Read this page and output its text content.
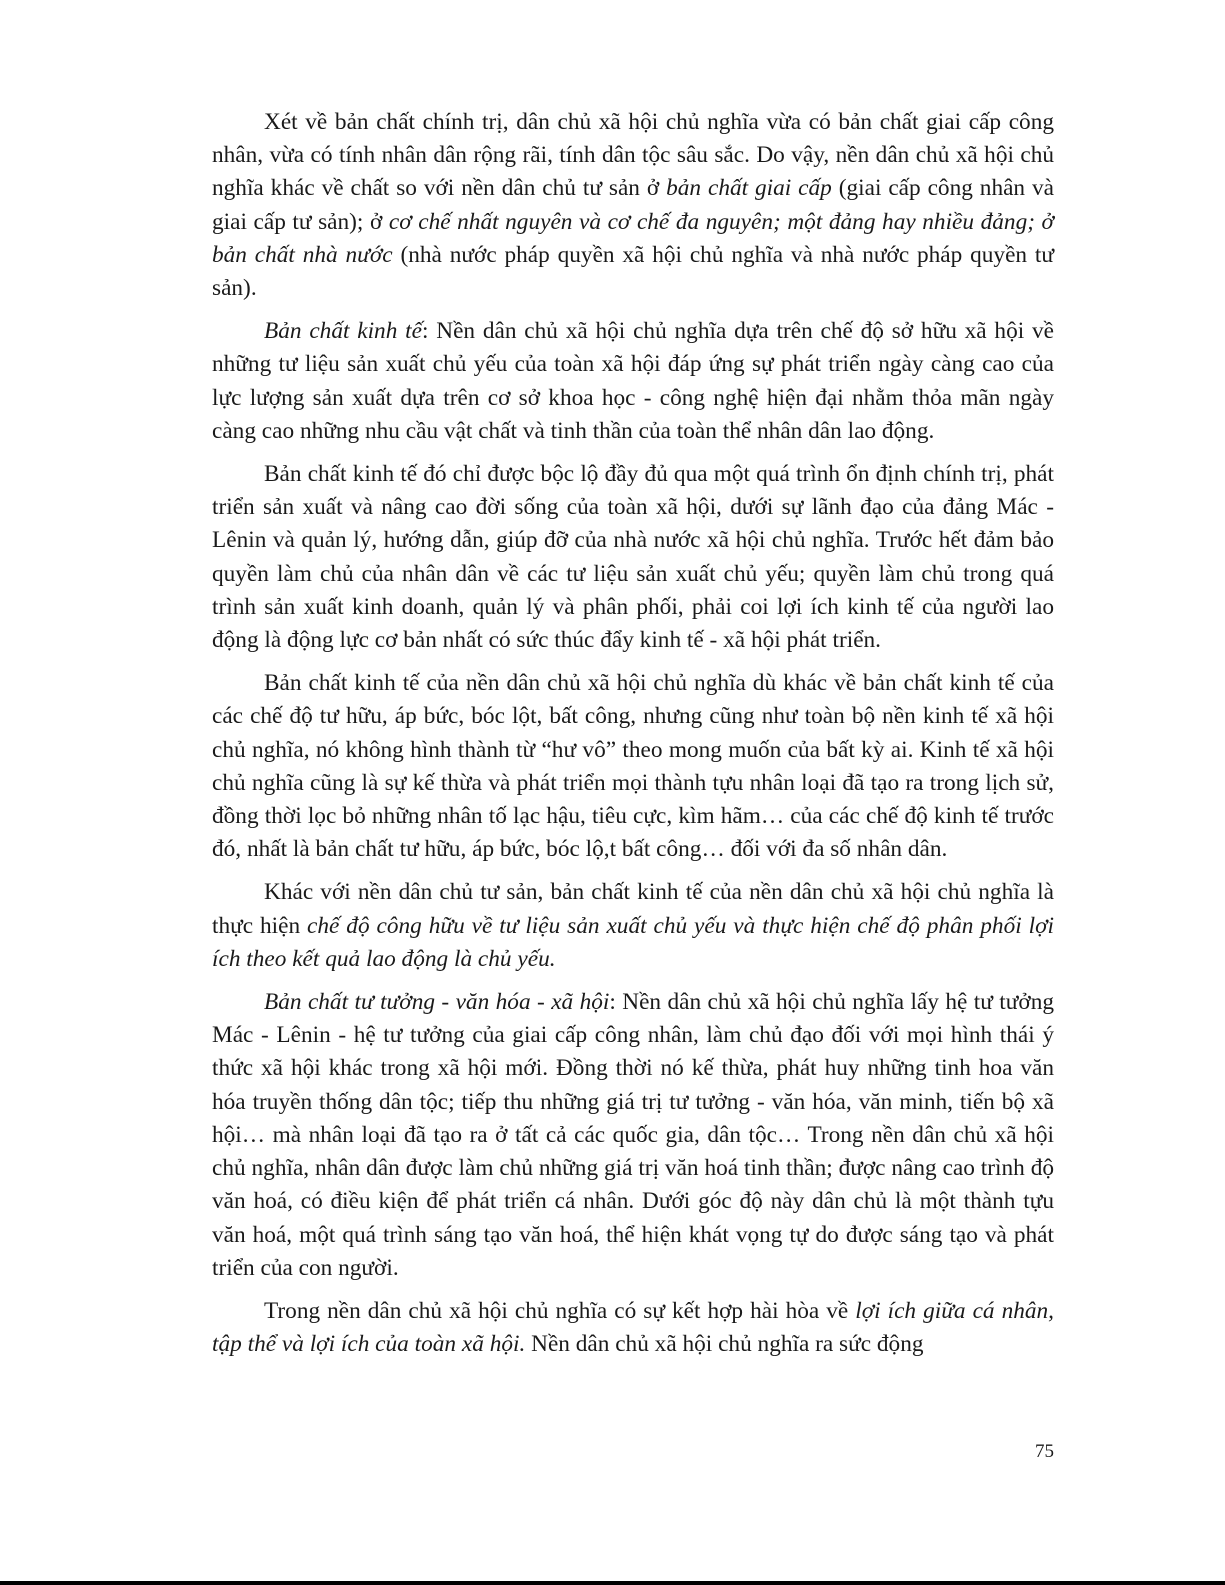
Xét về bản chất chính trị, dân chủ xã hội chủ nghĩa vừa có bản chất giai cấp công nhân, vừa có tính nhân dân rộng rãi, tính dân tộc sâu sắc. Do vậy, nền dân chủ xã hội chủ nghĩa khác về chất so với nền dân chủ tư sản ở bản chất giai cấp (giai cấp công nhân và giai cấp tư sản); ở cơ chế nhất nguyên và cơ chế đa nguyên; một đảng hay nhiều đảng; ở bản chất nhà nước (nhà nước pháp quyền xã hội chủ nghĩa và nhà nước pháp quyền tư sản).

Bản chất kinh tế: Nền dân chủ xã hội chủ nghĩa dựa trên chế độ sở hữu xã hội về những tư liệu sản xuất chủ yếu của toàn xã hội đáp ứng sự phát triển ngày càng cao của lực lượng sản xuất dựa trên cơ sở khoa học - công nghệ hiện đại nhằm thỏa mãn ngày càng cao những nhu cầu vật chất và tinh thần của toàn thể nhân dân lao động.

Bản chất kinh tế đó chỉ được bộc lộ đầy đủ qua một quá trình ổn định chính trị, phát triển sản xuất và nâng cao đời sống của toàn xã hội, dưới sự lãnh đạo của đảng Mác - Lênin và quản lý, hướng dẫn, giúp đỡ của nhà nước xã hội chủ nghĩa. Trước hết đảm bảo quyền làm chủ của nhân dân về các tư liệu sản xuất chủ yếu; quyền làm chủ trong quá trình sản xuất kinh doanh, quản lý và phân phối, phải coi lợi ích kinh tế của người lao động là động lực cơ bản nhất có sức thúc đẩy kinh tế - xã hội phát triển.

Bản chất kinh tế của nền dân chủ xã hội chủ nghĩa dù khác về bản chất kinh tế của các chế độ tư hữu, áp bức, bóc lột, bất công, nhưng cũng như toàn bộ nền kinh tế xã hội chủ nghĩa, nó không hình thành từ “hư vô” theo mong muốn của bất kỳ ai. Kinh tế xã hội chủ nghĩa cũng là sự kế thừa và phát triển mọi thành tựu nhân loại đã tạo ra trong lịch sử, đồng thời lọc bỏ những nhân tố lạc hậu, tiêu cực, kìm hãm… của các chế độ kinh tế trước đó, nhất là bản chất tư hữu, áp bức, bóc lộ,t bất công… đối với đa số nhân dân.

Khác với nền dân chủ tư sản, bản chất kinh tế của nền dân chủ xã hội chủ nghĩa là thực hiện chế độ công hữu về tư liệu sản xuất chủ yếu và thực hiện chế độ phân phối lợi ích theo kết quả lao động là chủ yếu.

Bản chất tư tưởng - văn hóa - xã hội: Nền dân chủ xã hội chủ nghĩa lấy hệ tư tưởng Mác - Lênin - hệ tư tưởng của giai cấp công nhân, làm chủ đạo đối với mọi hình thái ý thức xã hội khác trong xã hội mới. Đồng thời nó kế thừa, phát huy những tinh hoa văn hóa truyền thống dân tộc; tiếp thu những giá trị tư tưởng - văn hóa, văn minh, tiến bộ xã hội… mà nhân loại đã tạo ra ở tất cả các quốc gia, dân tộc… Trong nền dân chủ xã hội chủ nghĩa, nhân dân được làm chủ những giá trị văn hoá tinh thần; được nâng cao trình độ văn hoá, có điều kiện để phát triển cá nhân. Dưới góc độ này dân chủ là một thành tựu văn hoá, một quá trình sáng tạo văn hoá, thể hiện khát vọng tự do được sáng tạo và phát triển của con người.

Trong nền dân chủ xã hội chủ nghĩa có sự kết hợp hài hòa về lợi ích giữa cá nhân, tập thể và lợi ích của toàn xã hội. Nền dân chủ xã hội chủ nghĩa ra sức động

75
